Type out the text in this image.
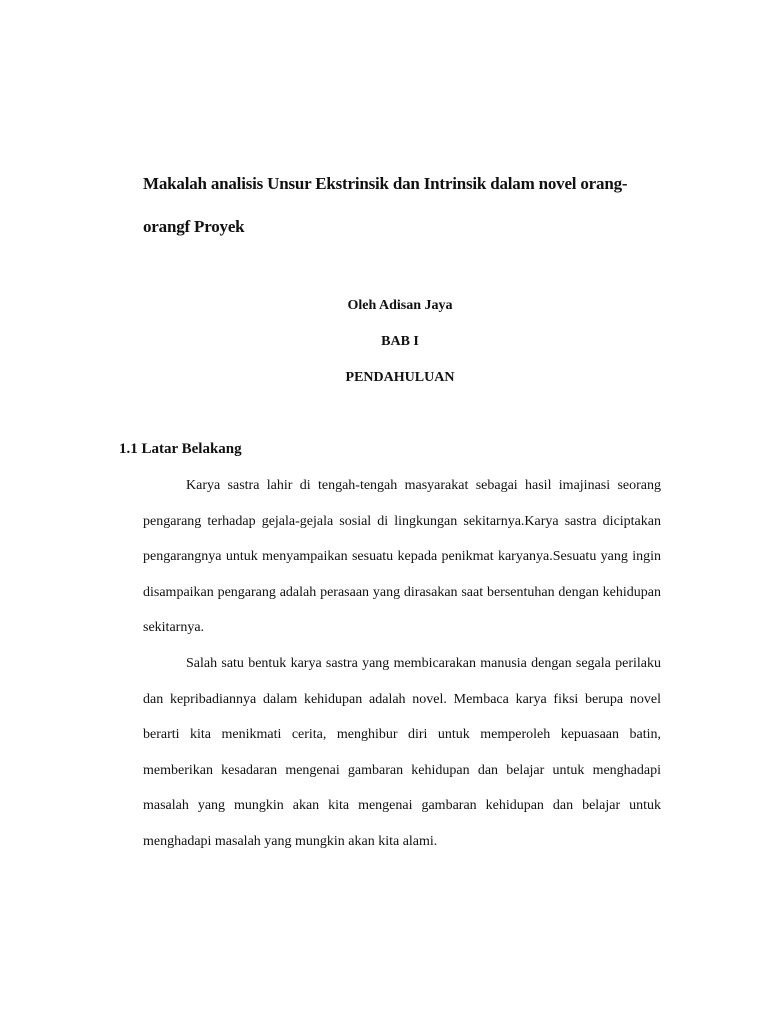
Makalah analisis Unsur Ekstrinsik dan Intrinsik dalam novel orang-orangf Proyek

Oleh Adisan Jaya

BAB I

PENDAHULUAN

1.1 Latar Belakang

Karya sastra lahir di tengah-tengah masyarakat sebagai hasil imajinasi seorang pengarang terhadap gejala-gejala sosial di lingkungan sekitarnya.Karya sastra diciptakan pengarangnya untuk menyampaikan sesuatu kepada penikmat karyanya.Sesuatu yang ingin disampaikan pengarang adalah perasaan yang dirasakan saat bersentuhan dengan kehidupan sekitarnya.

Salah satu bentuk karya sastra yang membicarakan manusia dengan segala perilaku dan kepribadiannya dalam kehidupan adalah novel. Membaca karya fiksi berupa novel berarti kita menikmati cerita, menghibur diri untuk memperoleh kepuasaan batin, memberikan kesadaran mengenai gambaran kehidupan dan belajar untuk menghadapi masalah yang mungkin akan kita mengenai gambaran kehidupan dan belajar untuk menghadapi masalah yang mungkin akan kita alami.
